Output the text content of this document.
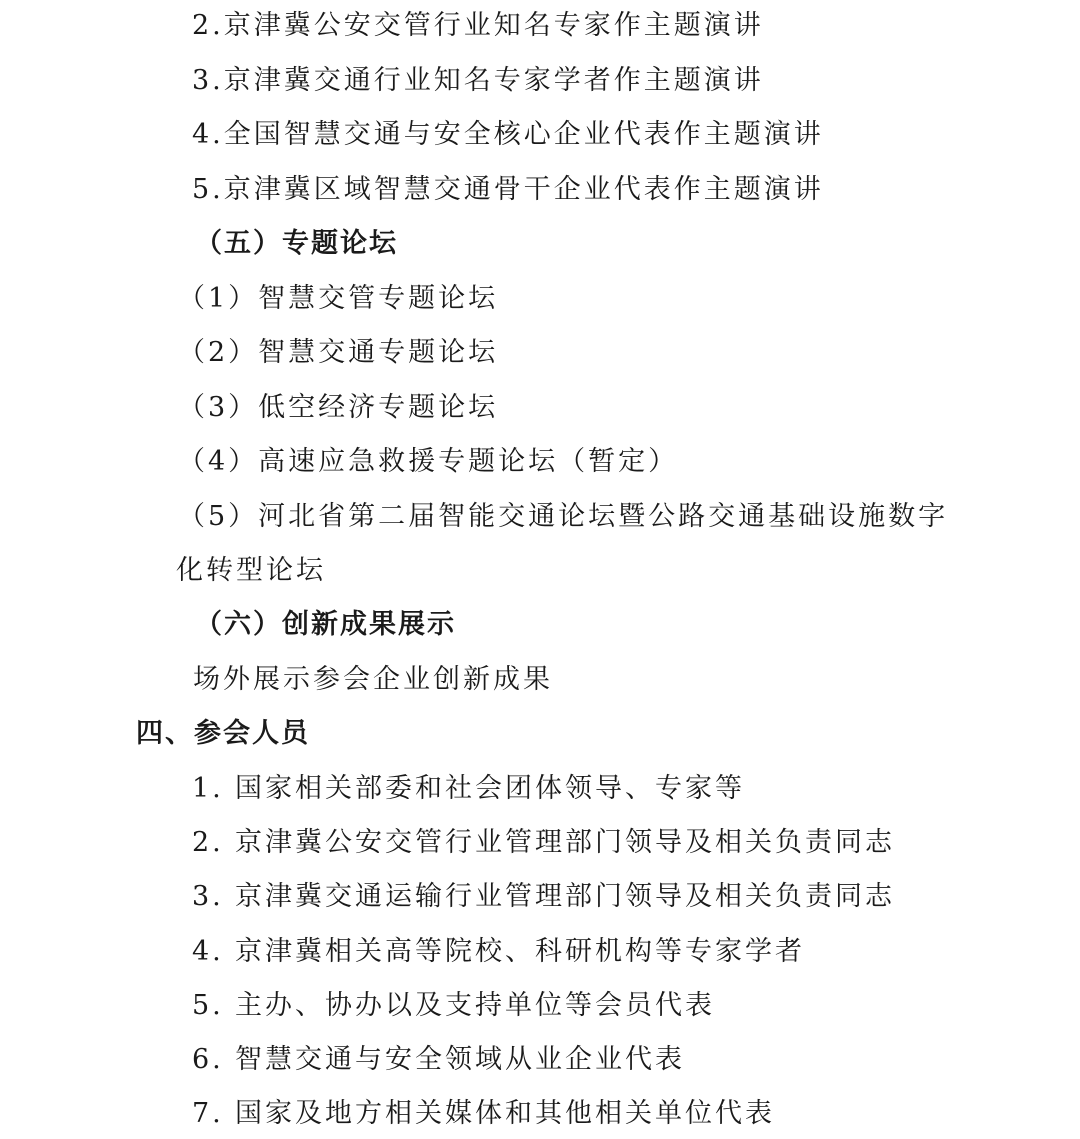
2.京津冀公安交管行业知名专家作主题演讲
3.京津冀交通行业知名专家学者作主题演讲
4.全国智慧交通与安全核心企业代表作主题演讲
5.京津冀区域智慧交通骨干企业代表作主题演讲
（五）专题论坛
（1）智慧交管专题论坛
（2）智慧交通专题论坛
（3）低空经济专题论坛
（4）高速应急救援专题论坛（暂定）
（5）河北省第二届智能交通论坛暨公路交通基础设施数字
化转型论坛
（六）创新成果展示
场外展示参会企业创新成果
四、参会人员
1. 国家相关部委和社会团体领导、专家等
2. 京津冀公安交管行业管理部门领导及相关负责同志
3. 京津冀交通运输行业管理部门领导及相关负责同志
4. 京津冀相关高等院校、科研机构等专家学者
5. 主办、协办以及支持单位等会员代表
6. 智慧交通与安全领域从业企业代表
7. 国家及地方相关媒体和其他相关单位代表
